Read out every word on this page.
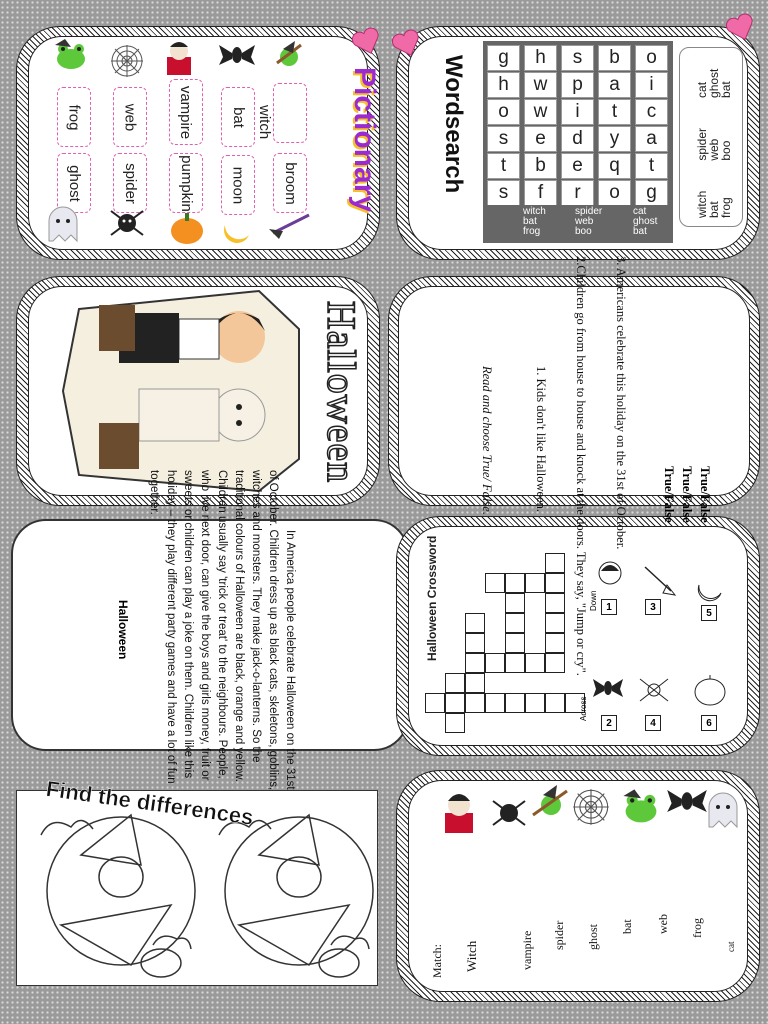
Pictionary
witch
bat
vampire
web
frog
broom
moon
pumpkin
spider
ghost	Wordsearch	g	h	s	b	o
h	w	p	a	i
o	w	i	t	c
s	e	d	y	a
t	b	e	q	t
s	f	r	o	g
witch
bat
frog
spider
web
boo
cat
ghost
bat
witch
bat
frog
spider
web
boo
cat
ghost
bat
Halloween
Halloween Crossword	Down
Across
1	3
5
2	4	6
Find the differences
3. Americans celebrate this holiday on the 31st of October.
2.Children go from house to house and knock at the doors. They say, "Jump or cry".
1. Kids don't like Halloween.
Read and choose True/ False.	True/False
True/False
True/False
In America people celebrate Halloween on the 31st of October. Children dress up as black cats, skeletons, goblins, witches and monsters. They make jack-o-lanterns. So the traditional colours of Halloween are black, orange and yellow. Children usually say 'trick or treat' to the neighbours. People, who live next door, can give the boys and girls money, fruit or sweets or children can play a joke on them. Children like this holiday – they play different party games and have a lot of fun together.
Halloween
Match: Witch	vampire spider ghost bat web frog
cat
